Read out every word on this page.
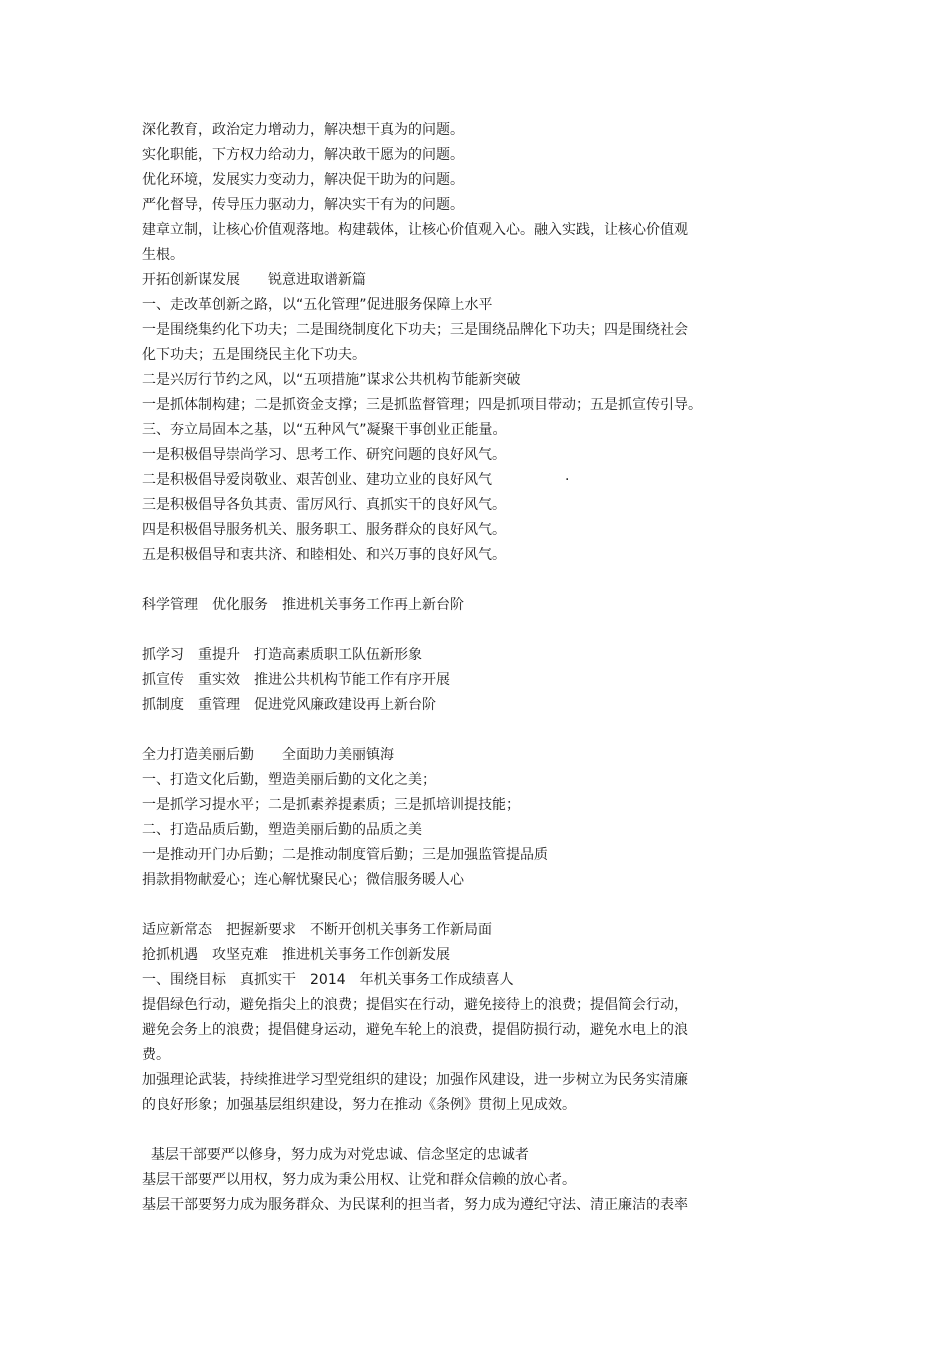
深化教育，政治定力增动力，解决想干真为的问题。
实化职能，下方权力给动力，解决敢干愿为的问题。
优化环境，发展实力变动力，解决促干助为的问题。
严化督导，传导压力驱动力，解决实干有为的问题。
建章立制，让核心价值观落地。构建载体，让核心价值观入心。融入实践，让核心价值观
生根。
开拓创新谋发展　　锐意进取谱新篇
一、走改革创新之路，以“五化管理”促进服务保障上水平
一是围绕集约化下功夫；二是围绕制度化下功夫；三是围绕品牌化下功夫；四是围绕社会
化下功夫；五是围绕民主化下功夫。
二是兴厉行节约之风，以“五项措施”谋求公共机构节能新突破
一是抓体制构建；二是抓资金支撑；三是抓监督管理；四是抓项目带动；五是抓宣传引导。
三、夯立局固本之基，以“五种风气”凝聚干事创业正能量。
一是积极倡导崇尚学习、思考工作、研究问题的良好风气。
二是积极倡导爱岗敬业、艰苦创业、建功立业的良好风气
三是积极倡导各负其责、雷厉风行、真抓实干的良好风气。
四是积极倡导服务机关、服务职工、服务群众的良好风气。
五是积极倡导和衷共济、和睦相处、和兴万事的良好风气。
科学管理　优化服务　推进机关事务工作再上新台阶
抓学习　重提升　打造高素质职工队伍新形象
抓宣传　重实效　推进公共机构节能工作有序开展
抓制度　重管理　促进党风廉政建设再上新台阶
全力打造美丽后勤　　全面助力美丽镇海
一、打造文化后勤，塑造美丽后勤的文化之美；
一是抓学习提水平；二是抓素养提素质；三是抓培训提技能；
二、打造品质后勤，塑造美丽后勤的品质之美
一是推动开门办后勤；二是推动制度管后勤；三是加强监管提品质
捐款捐物献爱心；连心解忧聚民心；微信服务暖人心
适应新常态　把握新要求　不断开创机关事务工作新局面
抢抓机遇　攻坚克难　推进机关事务工作创新发展
一、围绕目标　真抓实干　2014　年机关事务工作成绩喜人
提倡绿色行动，避免指尖上的浪费；提倡实在行动，避免接待上的浪费；提倡简会行动，
避免会务上的浪费；提倡健身运动，避免车轮上的浪费，提倡防损行动，避免水电上的浪
费。
加强理论武装，持续推进学习型党组织的建设；加强作风建设，进一步树立为民务实清廉
的良好形象；加强基层组织建设，努力在推动《条例》贯彻上见成效。
基层干部要严以修身，努力成为对党忠诚、信念坚定的忠诚者
基层干部要严以用权，努力成为秉公用权、让党和群众信赖的放心者。
基层干部要努力成为服务群众、为民谋利的担当者，努力成为遵纪守法、清正廉洁的表率
.
